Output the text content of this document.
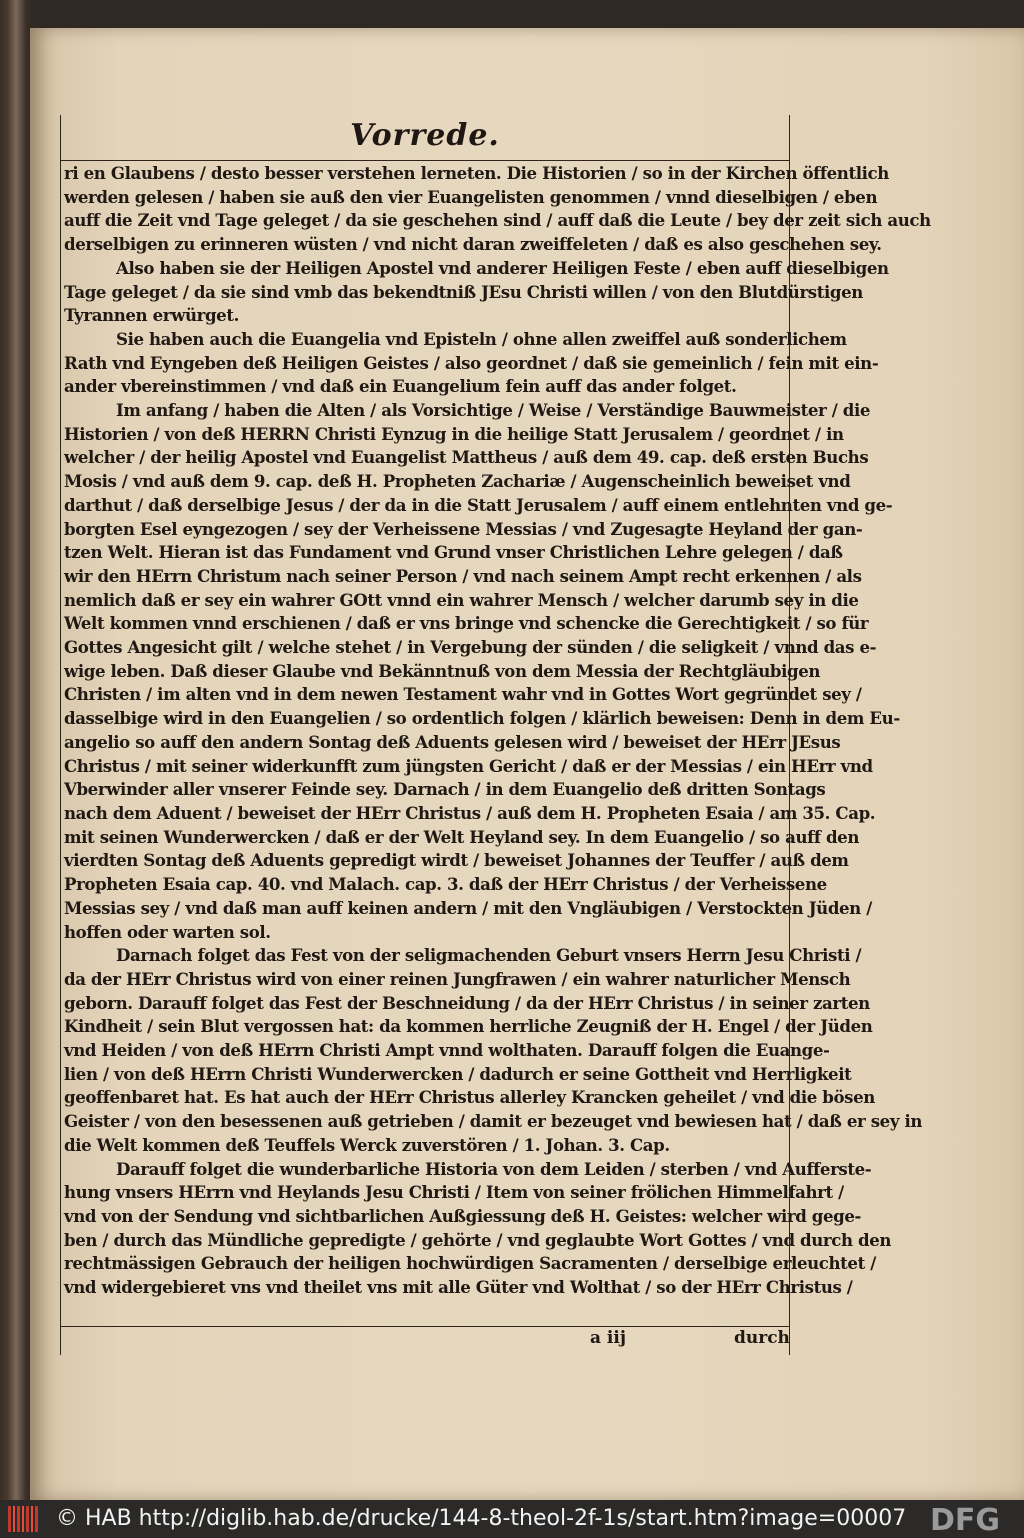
Vorrede.
ri en Glaubens / desto besser verstehen lerneten. Die Historien / so in der Kirchen öffentlich
werden gelesen / haben sie auß den vier Euangelisten genommen / vnnd dieselbigen / eben
auff die Zeit vnd Tage geleget / da sie geschehen sind / auff daß die Leute / bey der zeit sich auch
derselbigen zu erinneren wüsten / vnd nicht daran zweiffeleten / daß es also geschehen sey.
Also haben sie der Heiligen Apostel vnd anderer Heiligen Feste / eben auff dieselbigen
Tage geleget / da sie sind vmb das bekendtniß JEsu Christi willen / von den Blutdürstigen
Tyrannen erwürget.
Sie haben auch die Euangelia vnd Episteln / ohne allen zweiffel auß sonderlichem
Rath vnd Eyngeben deß Heiligen Geistes / also geordnet / daß sie gemeinlich / fein mit ein-
ander vbereinstimmen / vnd daß ein Euangelium fein auff das ander folget.
Im anfang / haben die Alten / als Vorsichtige / Weise / Verständige Bauwmeister / die
Historien / von deß HERRN Christi Eynzug in die heilige Statt Jerusalem / geordnet / in
welcher / der heilig Apostel vnd Euangelist Mattheus / auß dem 49. cap. deß ersten Buchs
Mosis / vnd auß dem 9. cap. deß H. Propheten Zachariæ / Augenscheinlich beweiset vnd
darthut / daß derselbige Jesus / der da in die Statt Jerusalem / auff einem entlehnten vnd ge-
borgten Esel eyngezogen / sey der Verheissene Messias / vnd Zugesagte Heyland der gan-
tzen Welt. Hieran ist das Fundament vnd Grund vnser Christlichen Lehre gelegen / daß
wir den HErrn Christum nach seiner Person / vnd nach seinem Ampt recht erkennen / als
nemlich daß er sey ein wahrer GOtt vnnd ein wahrer Mensch / welcher darumb sey in die
Welt kommen vnnd erschienen / daß er vns bringe vnd schencke die Gerechtigkeit / so für
Gottes Angesicht gilt / welche stehet / in Vergebung der sünden / die seligkeit / vnnd das e-
wige leben. Daß dieser Glaube vnd Bekänntnuß von dem Messia der Rechtgläubigen
Christen / im alten vnd in dem newen Testament wahr vnd in Gottes Wort gegründet sey /
dasselbige wird in den Euangelien / so ordentlich folgen / klärlich beweisen: Denn in dem Eu-
angelio so auff den andern Sontag deß Aduents gelesen wird / beweiset der HErr JEsus
Christus / mit seiner widerkunfft zum jüngsten Gericht / daß er der Messias / ein HErr vnd
Vberwinder aller vnserer Feinde sey. Darnach / in dem Euangelio deß dritten Sontags
nach dem Aduent / beweiset der HErr Christus / auß dem H. Propheten Esaia / am 35. Cap.
mit seinen Wunderwercken / daß er der Welt Heyland sey. In dem Euangelio / so auff den
vierdten Sontag deß Aduents gepredigt wirdt / beweiset Johannes der Teuffer / auß dem
Propheten Esaia cap. 40. vnd Malach. cap. 3. daß der HErr Christus / der Verheissene
Messias sey / vnd daß man auff keinen andern / mit den Vngläubigen / Verstockten Jüden /
hoffen oder warten sol.
Darnach folget das Fest von der seligmachenden Geburt vnsers Herrn Jesu Christi /
da der HErr Christus wird von einer reinen Jungfrawen / ein wahrer naturlicher Mensch
geborn. Darauff folget das Fest der Beschneidung / da der HErr Christus / in seiner zarten
Kindheit / sein Blut vergossen hat: da kommen herrliche Zeugniß der H. Engel / der Jüden
vnd Heiden / von deß HErrn Christi Ampt vnnd wolthaten. Darauff folgen die Euange-
lien / von deß HErrn Christi Wunderwercken / dadurch er seine Gottheit vnd Herrligkeit
geoffenbaret hat. Es hat auch der HErr Christus allerley Krancken geheilet / vnd die bösen
Geister / von den besessenen auß getrieben / damit er bezeuget vnd bewiesen hat / daß er sey in
die Welt kommen deß Teuffels Werck zuverstören / 1. Johan. 3. Cap.
Darauff folget die wunderbarliche Historia von dem Leiden / sterben / vnd Aufferste-
hung vnsers HErrn vnd Heylands Jesu Christi / Item von seiner frölichen Himmelfahrt /
vnd von der Sendung vnd sichtbarlichen Außgiessung deß H. Geistes: welcher wird gege-
ben / durch das Mündliche gepredigte / gehörte / vnd geglaubte Wort Gottes / vnd durch den
rechtmässigen Gebrauch der heiligen hochwürdigen Sacramenten / derselbige erleuchtet /
vnd widergebieret vns vnd theilet vns mit alle Güter vnd Wolthat / so der HErr Christus /
a iij	durch
© HAB http://diglib.hab.de/drucke/144-8-theol-2f-1s/start.htm?image=00007 DFG
